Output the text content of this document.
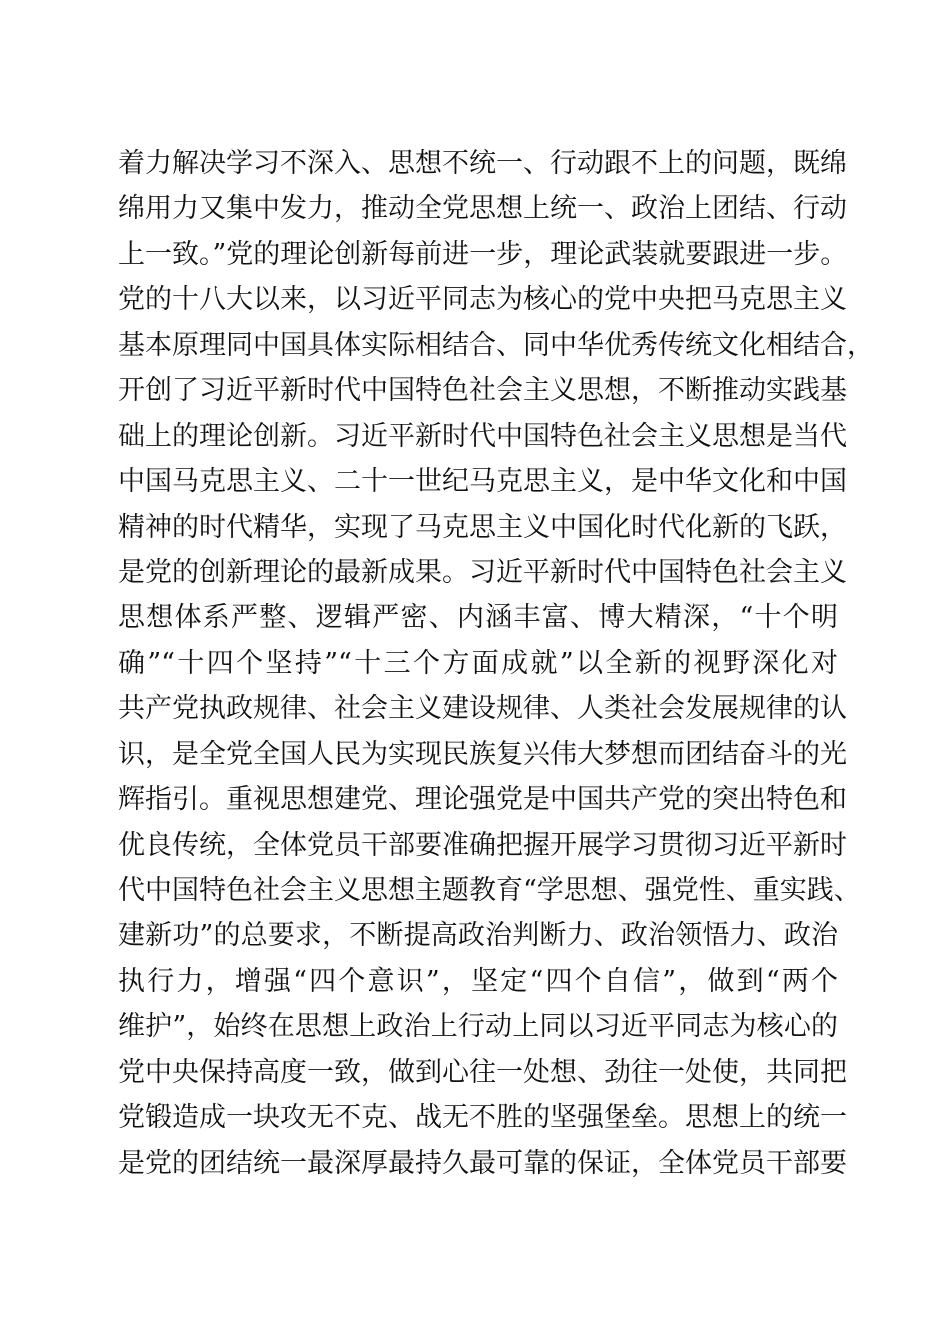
着力解决学习不深入、思想不统一、行动跟不上的问题，既绵
绵用力又集中发力，推动全党思想上统一、政治上团结、行动
上一致。”党的理论创新每前进一步，理论武装就要跟进一步。
党的十八大以来，以习近平同志为核心的党中央把马克思主义
基本原理同中国具体实际相结合、同中华优秀传统文化相结合，
开创了习近平新时代中国特色社会主义思想，不断推动实践基
础上的理论创新。习近平新时代中国特色社会主义思想是当代
中国马克思主义、二十一世纪马克思主义，是中华文化和中国
精神的时代精华，实现了马克思主义中国化时代化新的飞跃，
是党的创新理论的最新成果。习近平新时代中国特色社会主义
思想体系严整、逻辑严密、内涵丰富、博大精深，“十个明
确”“十四个坚持”“十三个方面成就”以全新的视野深化对
共产党执政规律、社会主义建设规律、人类社会发展规律的认
识，是全党全国人民为实现民族复兴伟大梦想而团结奋斗的光
辉指引。重视思想建党、理论强党是中国共产党的突出特色和
优良传统，全体党员干部要准确把握开展学习贯彻习近平新时
代中国特色社会主义思想主题教育“学思想、强党性、重实践、
建新功”的总要求，不断提高政治判断力、政治领悟力、政治
执行力，增强“四个意识”，坚定“四个自信”，做到“两个
维护”，始终在思想上政治上行动上同以习近平同志为核心的
党中央保持高度一致，做到心往一处想、劲往一处使，共同把
党锻造成一块攻无不克、战无不胜的坚强堡垒。思想上的统一
是党的团结统一最深厚最持久最可靠的保证，全体党员干部要
